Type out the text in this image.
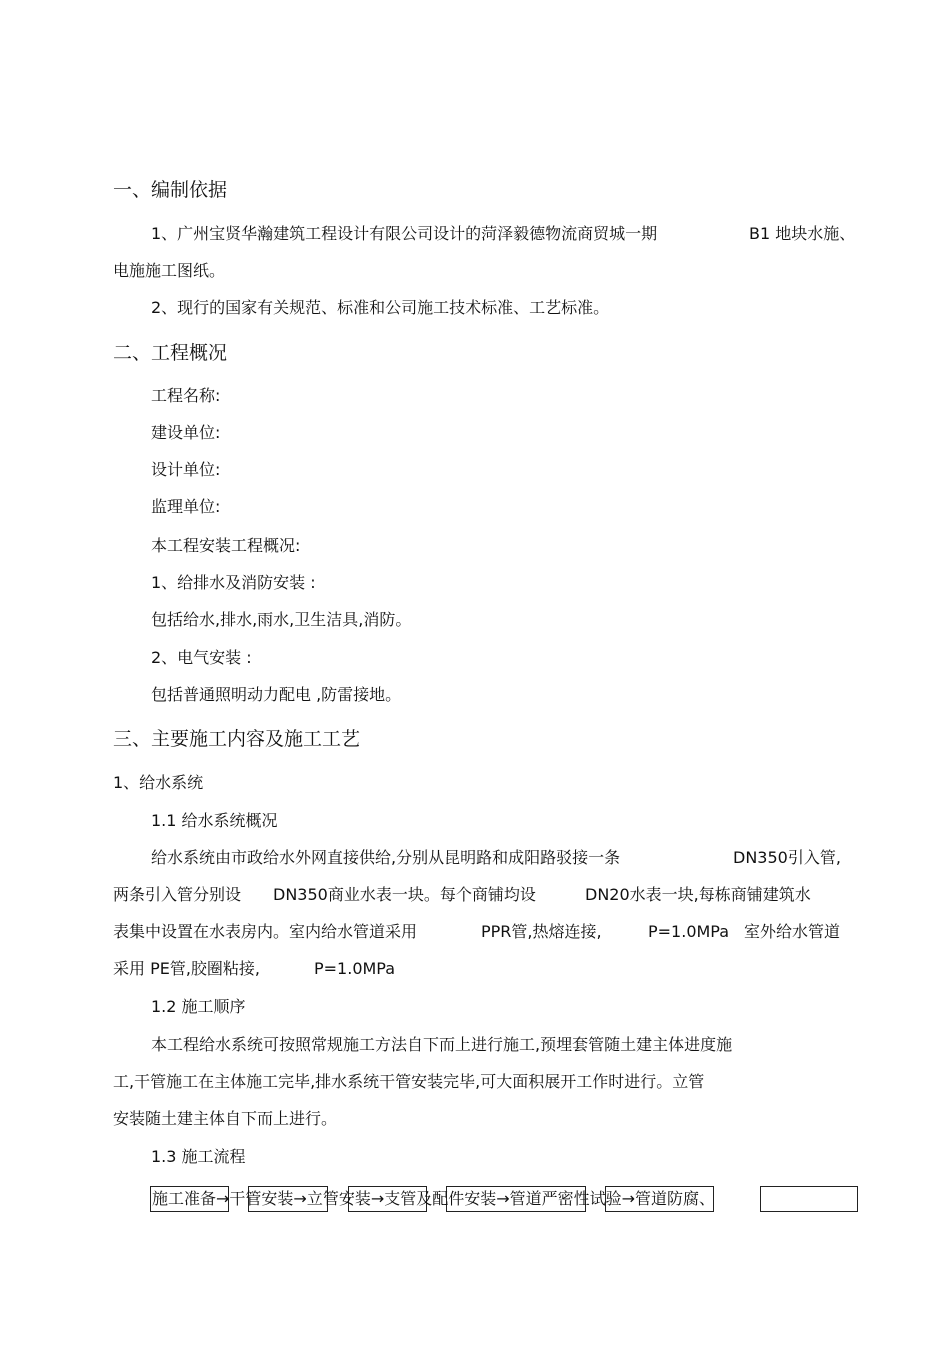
一、编制依据
1、广州宝贤华瀚建筑工程设计有限公司设计的菏泽毅德物流商贸城一期	B1 地块水施、
电施施工图纸。
2、现行的国家有关规范、标准和公司施工技术标准、工艺标准。
二、工程概况
工程名称:
建设单位:
设计单位:
监理单位:
本工程安装工程概况:
1、给排水及消防安装 :
包括给水,排水,雨水,卫生洁具,消防。
2、电气安装 :
包括普通照明动力配电 ,防雷接地。
三、主要施工内容及施工工艺
1、给水系统
1.1 给水系统概况
给水系统由市政给水外网直接供给,分别从昆明路和成阳路驳接一条	DN350引入管,
两条引入管分别设 DN350商业水表一块。每个商铺均设	DN20水表一块,每栋商铺建筑水
表集中设置在水表房内。室内给水管道采用	PPR管,热熔连接,	P=1.0MPa 室外给水管道
采用 PE管,胶圈粘接,	P=1.0MPa
1.2 施工顺序
本工程给水系统可按照常规施工方法自下而上进行施工,预埋套管随土建主体进度施
工,干管施工在主体施工完毕,排水系统干管安装完毕,可大面积展开工作时进行。立管
安装随土建主体自下而上进行。
1.3 施工流程
施工准备→干管安装→立管安装→支管及配件安装→管道严密性试验→管道防腐、
